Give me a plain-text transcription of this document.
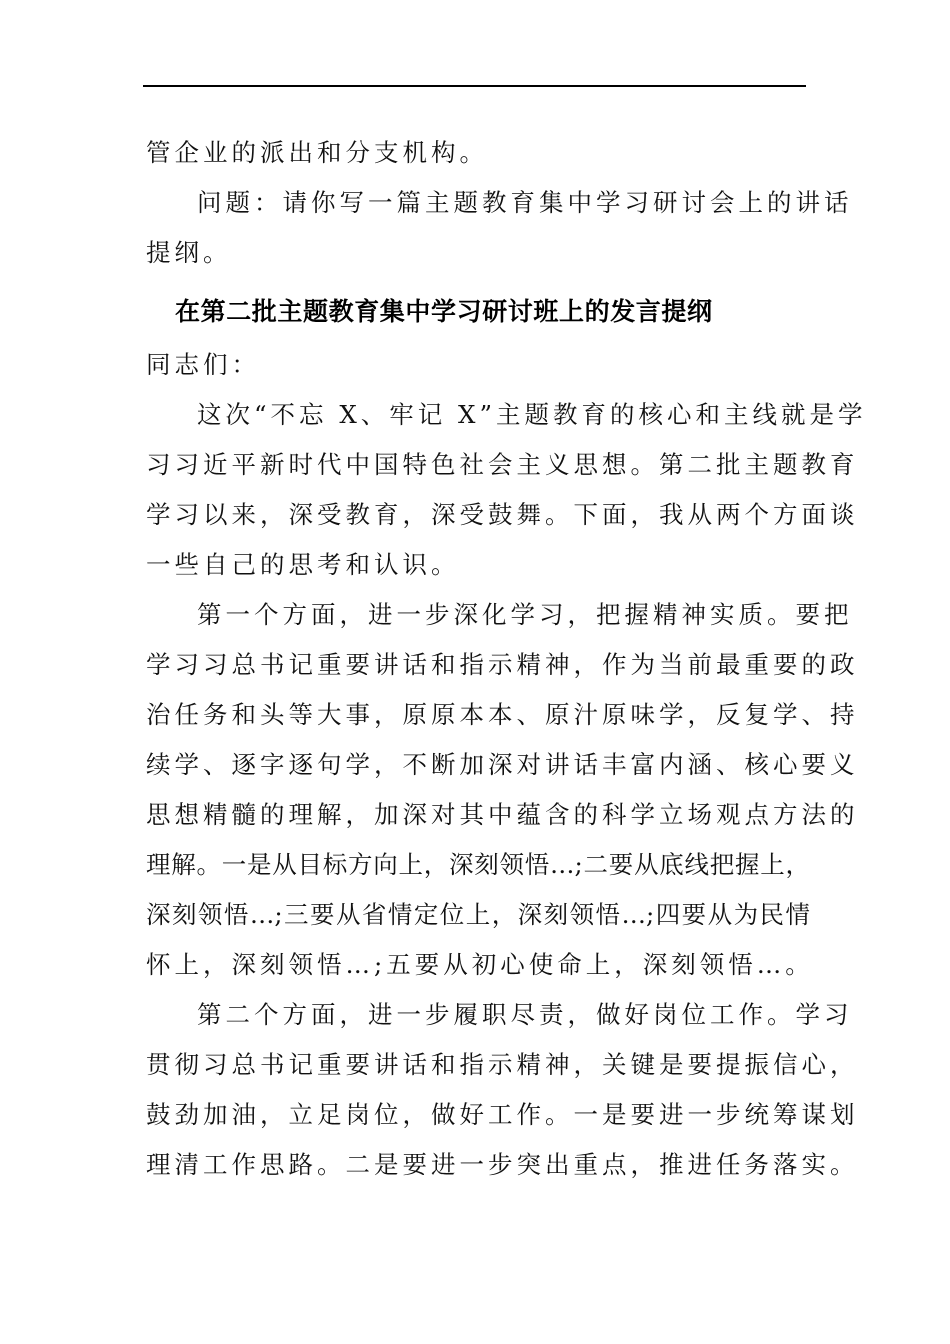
管企业的派出和分支机构。
问题：请你写一篇主题教育集中学习研讨会上的讲话
提纲。
在第二批主题教育集中学习研讨班上的发言提纲
同志们：
这次“不忘 X、牢记 X”主题教育的核心和主线就是学
习习近平新时代中国特色社会主义思想。第二批主题教育
学习以来，深受教育，深受鼓舞。下面，我从两个方面谈
一些自己的思考和认识。
第一个方面，进一步深化学习，把握精神实质。要把
学习习总书记重要讲话和指示精神，作为当前最重要的政
治任务和头等大事，原原本本、原汁原味学，反复学、持
续学、逐字逐句学，不断加深对讲话丰富内涵、核心要义
思想精髓的理解，加深对其中蕴含的科学立场观点方法的
理解。一是从目标方向上，深刻领悟…;二要从底线把握上，
深刻领悟…;三要从省情定位上，深刻领悟…;四要从为民情
怀上，深刻领悟…;五要从初心使命上，深刻领悟…。
第二个方面，进一步履职尽责，做好岗位工作。学习
贯彻习总书记重要讲话和指示精神，关键是要提振信心，
鼓劲加油，立足岗位，做好工作。一是要进一步统筹谋划
理清工作思路。二是要进一步突出重点，推进任务落实。
